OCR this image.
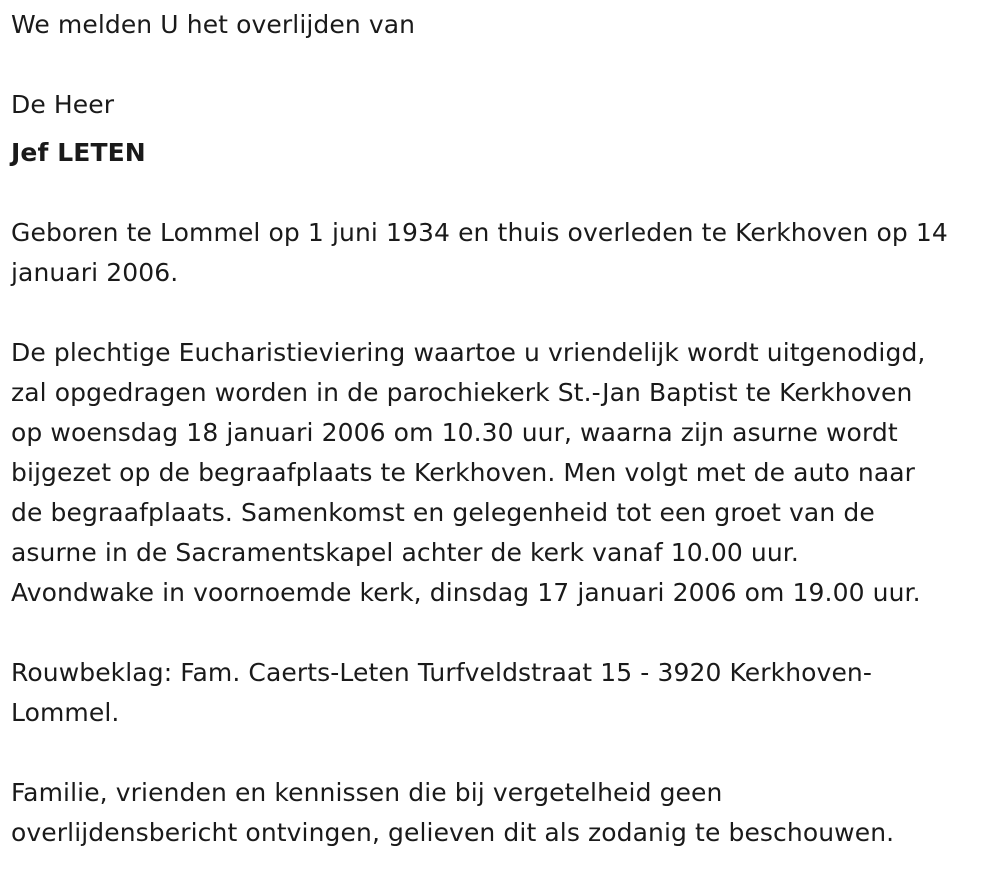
We melden U het overlijden van
De Heer
Jef LETEN
Geboren te Lommel op 1 juni 1934 en thuis overleden te Kerkhoven op 14
januari 2006.
De plechtige Eucharistieviering waartoe u vriendelijk wordt uitgenodigd,
zal opgedragen worden in de parochiekerk St.-Jan Baptist te Kerkhoven
op woensdag 18 januari 2006 om 10.30 uur, waarna zijn asurne wordt
bijgezet op de begraafplaats te Kerkhoven. Men volgt met de auto naar
de begraafplaats. Samenkomst en gelegenheid tot een groet van de
asurne in de Sacramentskapel achter de kerk vanaf 10.00 uur.
Avondwake in voornoemde kerk, dinsdag 17 januari 2006 om 19.00 uur.
Rouwbeklag: Fam. Caerts-Leten Turfveldstraat 15 - 3920 Kerkhoven-
Lommel.
Familie, vrienden en kennissen die bij vergetelheid geen
overlijdensbericht ontvingen, gelieven dit als zodanig te beschouwen.
